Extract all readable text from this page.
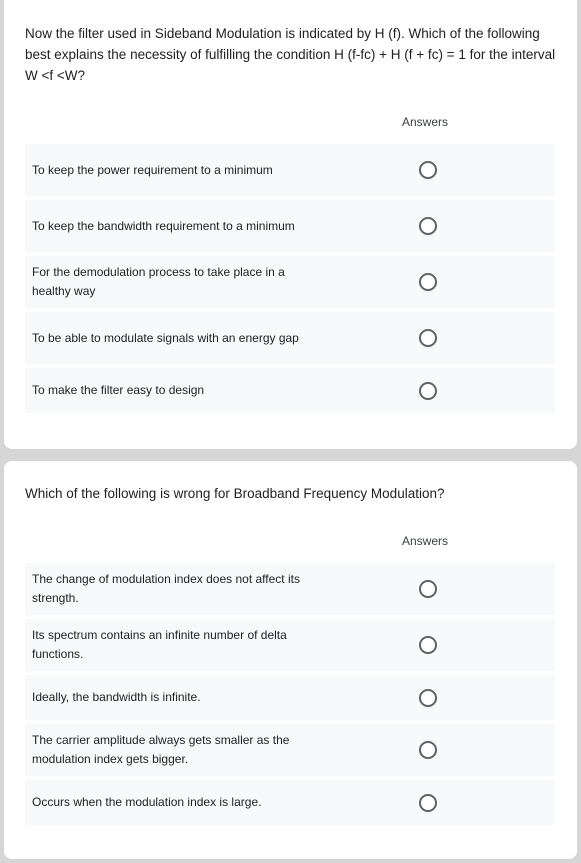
Now the filter used in Sideband Modulation is indicated by H (f). Which of the following best explains the necessity of fulfilling the condition H (f-fc) + H (f + fc) = 1 for the interval W <f <W?

Answers
To keep the power requirement to a minimum
To keep the bandwidth requirement to a minimum
For the demodulation process to take place in a healthy way
To be able to modulate signals with an energy gap
To make the filter easy to design

Which of the following is wrong for Broadband Frequency Modulation?

Answers
The change of modulation index does not affect its strength.
Its spectrum contains an infinite number of delta functions.
Ideally, the bandwidth is infinite.
The carrier amplitude always gets smaller as the modulation index gets bigger.
Occurs when the modulation index is large.
